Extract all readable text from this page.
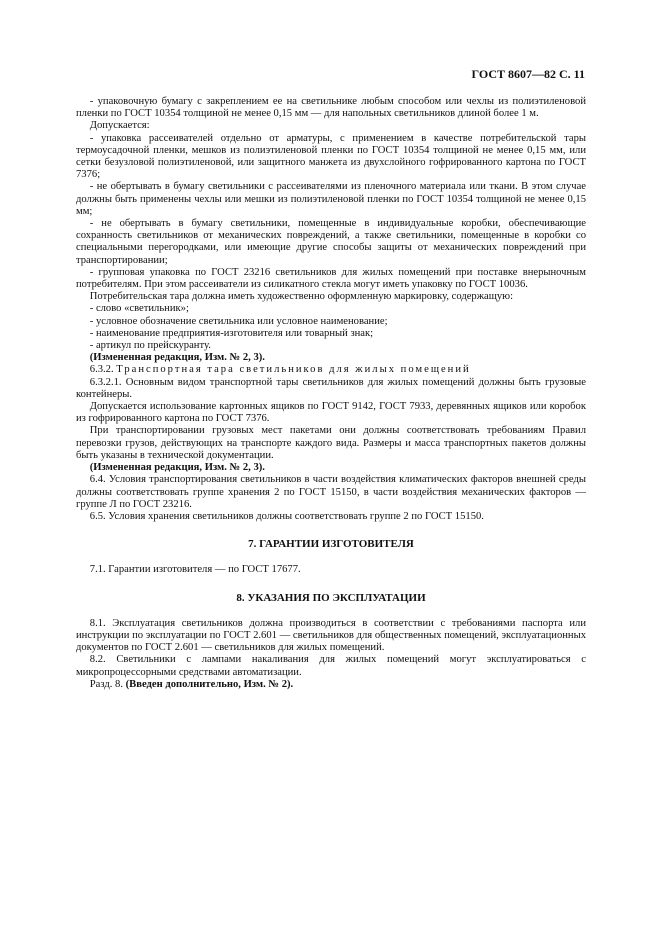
ГОСТ 8607—82 С. 11

- упаковочную бумагу с закреплением ее на светильнике любым способом или чехлы из полиэтиленовой пленки по ГОСТ 10354 толщиной не менее 0,15 мм — для напольных светильников длиной более 1 м.

Допускается:

- упаковка рассеивателей отдельно от арматуры, с применением в качестве потребительской тары термоусадочной пленки, мешков из полиэтиленовой пленки по ГОСТ 10354 толщиной не менее 0,15 мм, или сетки безузловой полиэтиленовой, или защитного манжета из двухслойного гофрированного картона по ГОСТ 7376;

- не обертывать в бумагу светильники с рассеивателями из пленочного материала или ткани. В этом случае должны быть применены чехлы или мешки из полиэтиленовой пленки по ГОСТ 10354 толщиной не менее 0,15 мм;

- не обертывать в бумагу светильники, помещенные в индивидуальные коробки, обеспечивающие сохранность светильников от механических повреждений, а также светильники, помещенные в коробки со специальными перегородками, или имеющие другие способы защиты от механических повреждений при транспортировании;

- групповая упаковка по ГОСТ 23216 светильников для жилых помещений при поставке внерыночным потребителям. При этом рассеиватели из силикатного стекла могут иметь упаковку по ГОСТ 10036.

Потребительская тара должна иметь художественно оформленную маркировку, содержащую:

- слово «светильник»;

- условное обозначение светильника или условное наименование;

- наименование предприятия-изготовителя или товарный знак;

- артикул по прейскуранту.

(Измененная редакция, Изм. № 2, 3).

6.3.2. Транспортная тара светильников для жилых помещений

6.3.2.1. Основным видом транспортной тары светильников для жилых помещений должны быть грузовые контейнеры.

Допускается использование картонных ящиков по ГОСТ 9142, ГОСТ 7933, деревянных ящиков или коробок из гофрированного картона по ГОСТ 7376.

При транспортировании грузовых мест пакетами они должны соответствовать требованиям Правил перевозки грузов, действующих на транспорте каждого вида. Размеры и масса транспортных пакетов должны быть указаны в технической документации.

(Измененная редакция, Изм. № 2, 3).

6.4. Условия транспортирования светильников в части воздействия климатических факторов внешней среды должны соответствовать группе хранения 2 по ГОСТ 15150, в части воздействия механических факторов — группе Л по ГОСТ 23216.

6.5. Условия хранения светильников должны соответствовать группе 2 по ГОСТ 15150.

7. ГАРАНТИИ ИЗГОТОВИТЕЛЯ

7.1. Гарантии изготовителя — по ГОСТ 17677.

8. УКАЗАНИЯ ПО ЭКСПЛУАТАЦИИ

8.1. Эксплуатация светильников должна производиться в соответствии с требованиями паспорта или инструкции по эксплуатации по ГОСТ 2.601 — светильников для общественных помещений, эксплуатационных документов по ГОСТ 2.601 — светильников для жилых помещений.

8.2. Светильники с лампами накаливания для жилых помещений могут эксплуатироваться с микропроцессорными средствами автоматизации.

Разд. 8. (Введен дополнительно, Изм. № 2).
